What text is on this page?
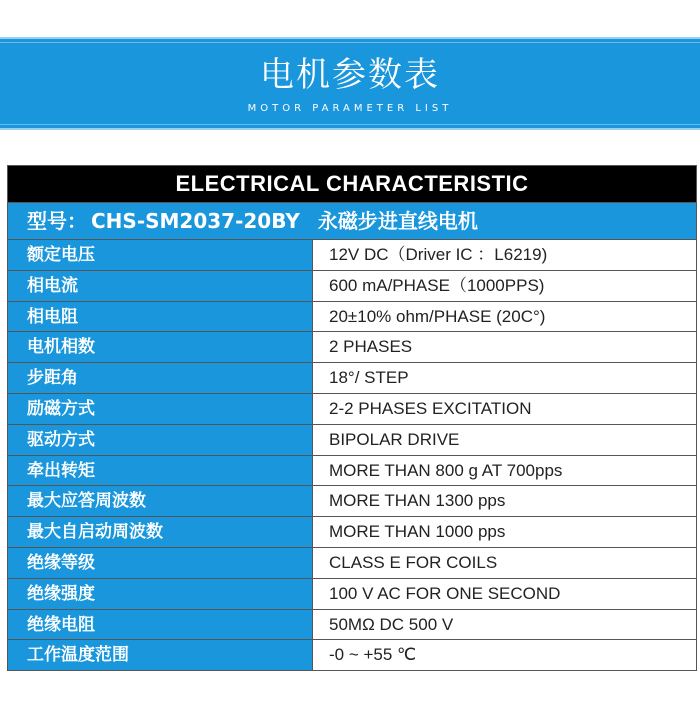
电机参数表
MOTOR PARAMETER LIST
ELECTRICAL CHARACTERISTIC
型号： CHS-SM2037-20BY 永磁步进直线电机
额定电压	12V DC（Driver IC ：L6219)
相电流	600 mA/PHASE（1000PPS)
相电阻	20±10% ohm/PHASE (20C°)
电机相数	2 PHASES
步距角	18°/ STEP
励磁方式	2-2 PHASES EXCITATION
驱动方式	BIPOLAR DRIVE
牵出转矩	MORE THAN 800 g AT 700pps
最大应答周波数	MORE THAN 1300 pps
最大自启动周波数	MORE THAN 1000 pps
绝缘等级	CLASS E FOR COILS
绝缘强度	100 V AC FOR ONE SECOND
绝缘电阻	50MΩ DC 500 V
工作温度范围	-0 ~ +55 ℃
